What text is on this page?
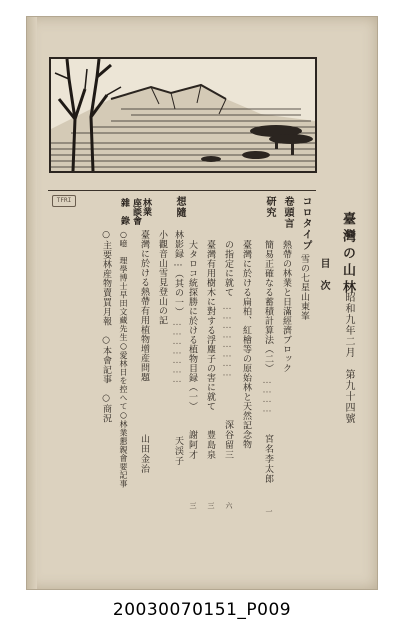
TFRI
臺灣の山林
昭和九年二月　第九十四號
目　次
コロタイプ
卷頭言
研究
想隨
林業
座談會
雜　錄
雪の七星山東峯
熱帶の林業と日滿經濟ブロック
簡易正確なる蓄積計算法（二）
…………
宮名李太郎
一
臺灣に於ける扁柏、紅檜等の原始林と天然記念物
の指定に就て
……………………
深谷留三
六
臺灣有用樹木に對する浮塵子の害に就て
豊島泉
三
大タロコ統探勝に於ける植物目録（一）
謝阿才
三
林影録…（其の一）
…………………
天渓子
小觀音山雪見登山の記
臺灣に於ける熱帶有用植物增産問題
山田金治
○噫　理學博士早田文藏先生○愛林日を控へて○林業懇親會要記事
○主要林産物賣買月報　○本會記事　○商況
20030070151_P009
